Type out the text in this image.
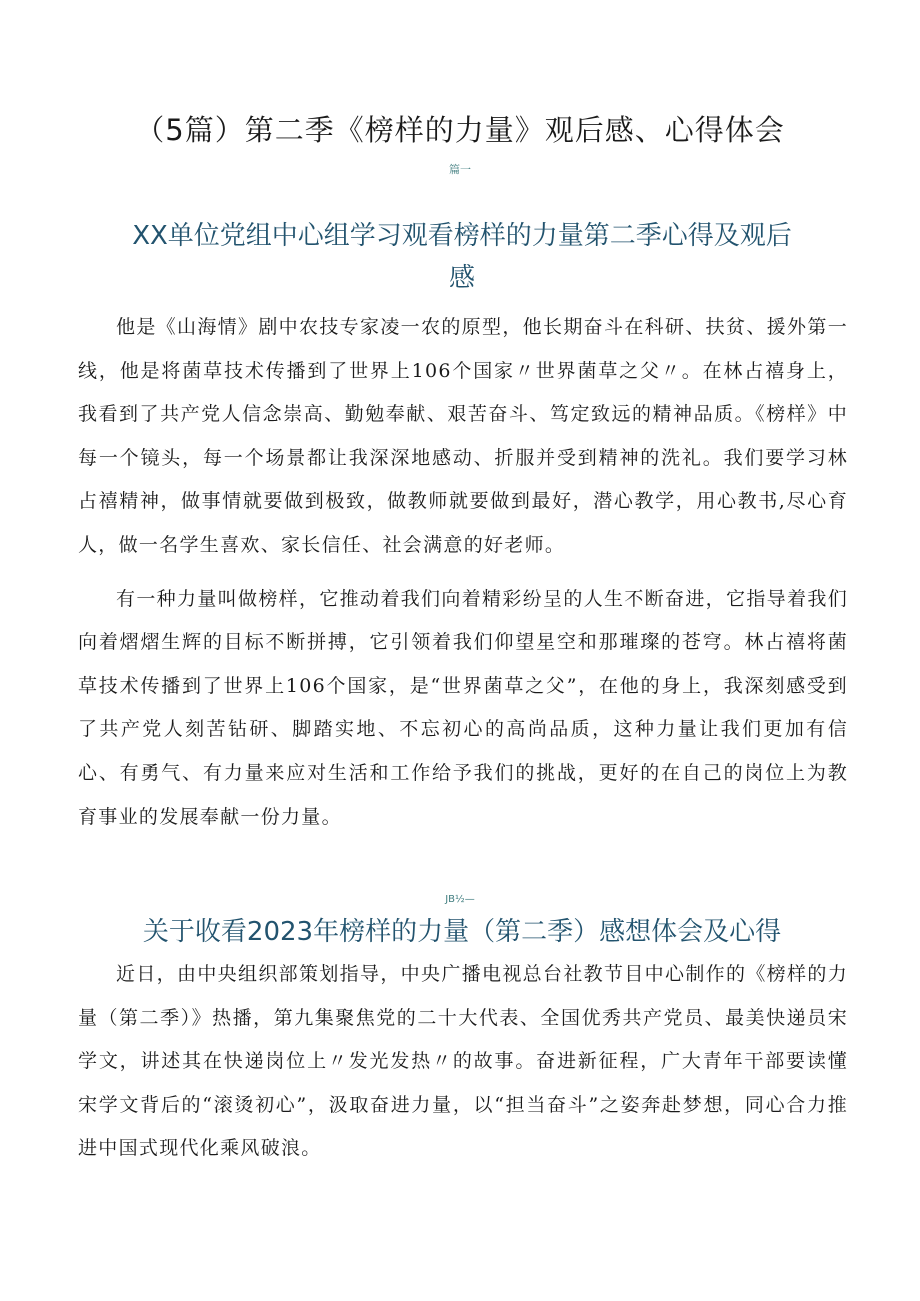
（5篇）第二季《榜样的力量》观后感、心得体会
篇一
XX单位党组中心组学习观看榜样的力量第二季心得及观后感

他是《山海情》剧中农技专家凌一农的原型，他长期奋斗在科研、扶贫、援外第一线，他是将菌草技术传播到了世界上106个国家〃世界菌草之父〃。在林占禧身上，我看到了共产党人信念崇高、勤勉奉献、艰苦奋斗、笃定致远的精神品质。《榜样》中每一个镜头，每一个场景都让我深深地感动、折服并受到精神的洗礼。我们要学习林占禧精神，做事情就要做到极致，做教师就要做到最好，潜心教学，用心教书,尽心育人，做一名学生喜欢、家长信任、社会满意的好老师。

有一种力量叫做榜样，它推动着我们向着精彩纷呈的人生不断奋进，它指导着我们向着熠熠生辉的目标不断拼搏，它引领着我们仰望星空和那璀璨的苍穹。林占禧将菌草技术传播到了世界上106个国家，是“世界菌草之父”，在他的身上，我深刻感受到了共产党人刻苦钻研、脚踏实地、不忘初心的高尚品质，这种力量让我们更加有信心、有勇气、有力量来应对生活和工作给予我们的挑战，更好的在自己的岗位上为教育事业的发展奉献一份力量。

JB½—
关于收看2023年榜样的力量（第二季）感想体会及心得

近日，由中央组织部策划指导，中央广播电视总台社教节目中心制作的《榜样的力量（第二季）》热播，第九集聚焦党的二十大代表、全国优秀共产党员、最美快递员宋学文，讲述其在快递岗位上〃发光发热〃的故事。奋进新征程，广大青年干部要读懂宋学文背后的“滚烫初心”，汲取奋进力量，以“担当奋斗”之姿奔赴梦想，同心合力推进中国式现代化乘风破浪。
